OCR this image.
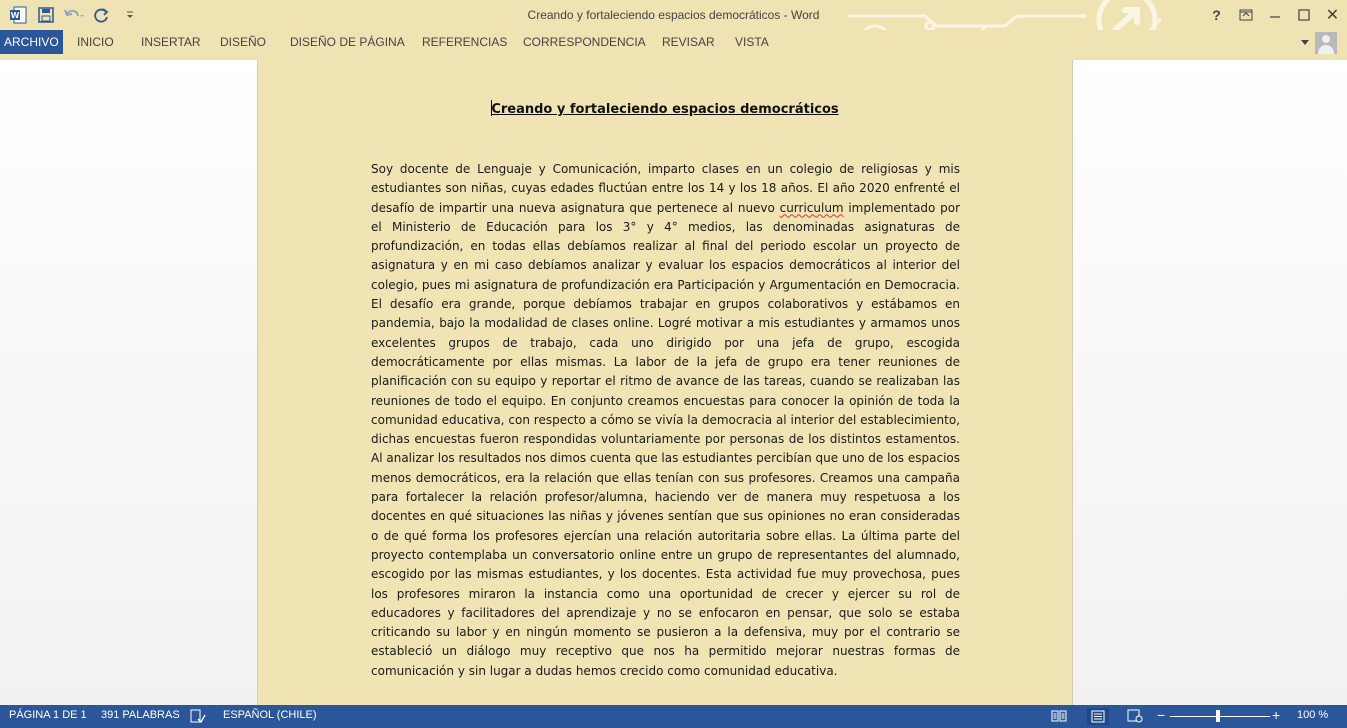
W	Creando y fortaleciendo espacios democráticos - Word	?	✕
ARCHIVO	INICIO	INSERTAR	DISEÑO	DISEÑO DE PÁGINA	REFERENCIAS	CORRESPONDENCIA	REVISAR	VISTA
Creando y fortaleciendo espacios democráticos
Soy docente de Lenguaje y Comunicación, imparto clases en un colegio de religiosas y mis estudiantes son niñas, cuyas edades fluctúan entre los 14 y los 18 años. El año 2020 enfrenté el desafío de impartir una nueva asignatura que pertenece al nuevo curriculum implementado por el Ministerio de Educación para los 3° y 4° medios, las denominadas asignaturas de profundización, en todas ellas debíamos realizar al final del periodo escolar un proyecto de asignatura y en mi caso debíamos analizar y evaluar los espacios democráticos al interior del colegio, pues mi asignatura de profundización era Participación y Argumentación en Democracia. El desafío era grande, porque debíamos trabajar en grupos colaborativos y estábamos en pandemia, bajo la modalidad de clases online. Logré motivar a mis estudiantes y armamos unos excelentes grupos de trabajo, cada uno dirigido por una jefa de grupo, escogida democráticamente por ellas mismas. La labor de la jefa de grupo era tener reuniones de planificación con su equipo y reportar el ritmo de avance de las tareas, cuando se realizaban las reuniones de todo el equipo. En conjunto creamos encuestas para conocer la opinión de toda la comunidad educativa, con respecto a cómo se vivía la democracia al interior del establecimiento, dichas encuestas fueron respondidas voluntariamente por personas de los distintos estamentos. Al analizar los resultados nos dimos cuenta que las estudiantes percibían que uno de los espacios menos democráticos, era la relación que ellas tenían con sus profesores. Creamos una campaña para fortalecer la relación profesor/alumna, haciendo ver de manera muy respetuosa a los docentes en qué situaciones las niñas y jóvenes sentían que sus opiniones no eran consideradas o de qué forma los profesores ejercían una relación autoritaria sobre ellas. La última parte del proyecto contemplaba un conversatorio online entre un grupo de representantes del alumnado, escogido por las mismas estudiantes, y los docentes. Esta actividad fue muy provechosa, pues los profesores miraron la instancia como una oportunidad de crecer y ejercer su rol de educadores y facilitadores del aprendizaje y no se enfocaron en pensar, que solo se estaba criticando su labor y en ningún momento se pusieron a la defensiva, muy por el contrario se estableció un diálogo muy receptivo que nos ha permitido mejorar nuestras formas de comunicación y sin lugar a dudas hemos crecido como comunidad educativa.
PÁGINA 1 DE 1 391 PALABRAS	ESPAÑOL (CHILE)	−	+ 100 %
